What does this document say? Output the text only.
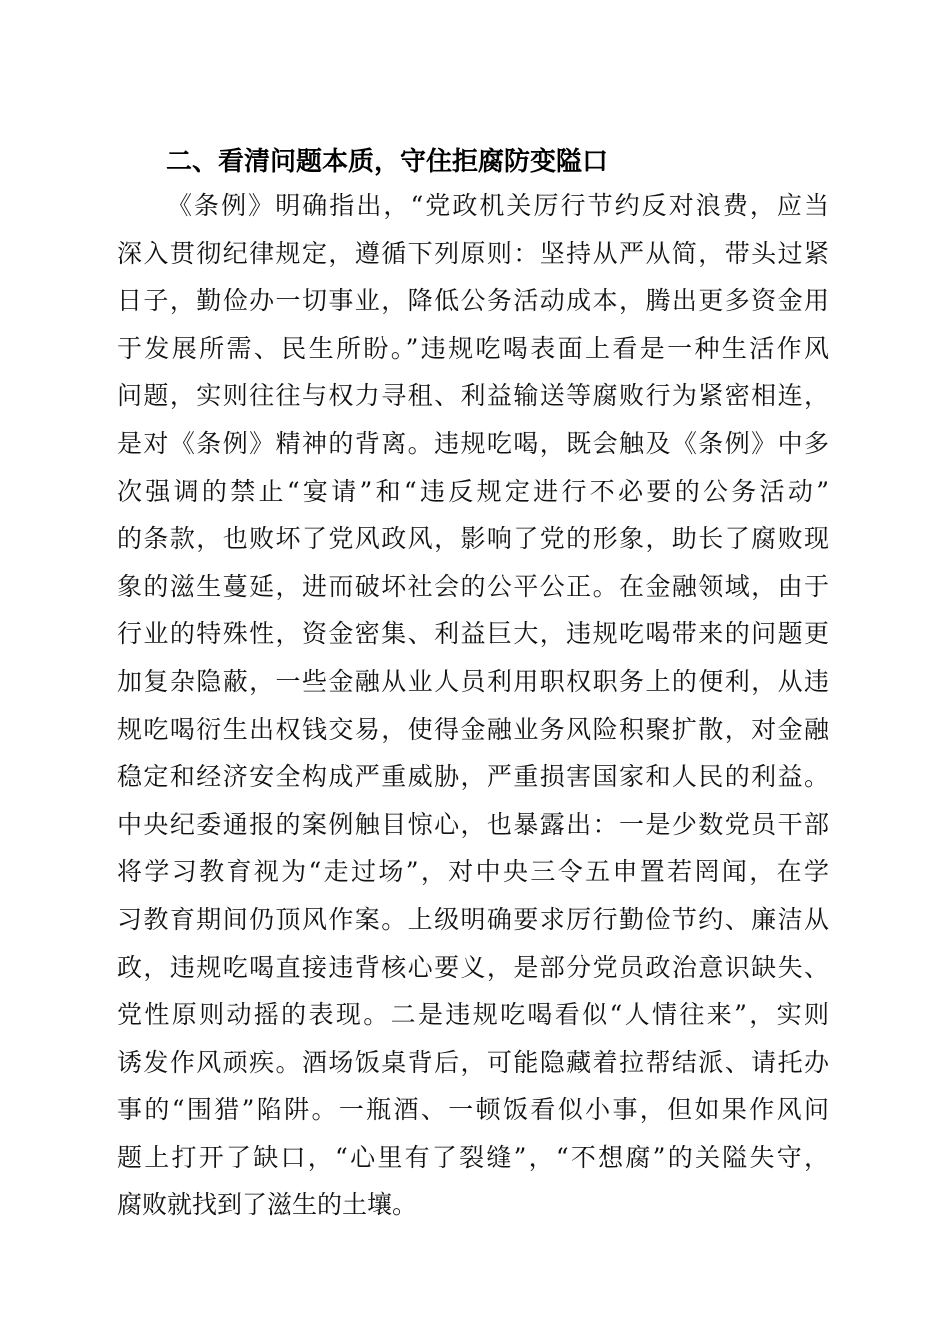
二、看清问题本质，守住拒腐防变隘口
《条例》明确指出，“党政机关厉行节约反对浪费，应当
深入贯彻纪律规定，遵循下列原则：坚持从严从简，带头过紧
日子，勤俭办一切事业，降低公务活动成本，腾出更多资金用
于发展所需、民生所盼。”违规吃喝表面上看是一种生活作风
问题，实则往往与权力寻租、利益输送等腐败行为紧密相连，
是对《条例》精神的背离。违规吃喝，既会触及《条例》中多
次强调的禁止“宴请”和“违反规定进行不必要的公务活动”
的条款，也败坏了党风政风，影响了党的形象，助长了腐败现
象的滋生蔓延，进而破坏社会的公平公正。在金融领域，由于
行业的特殊性，资金密集、利益巨大，违规吃喝带来的问题更
加复杂隐蔽，一些金融从业人员利用职权职务上的便利，从违
规吃喝衍生出权钱交易，使得金融业务风险积聚扩散，对金融
稳定和经济安全构成严重威胁，严重损害国家和人民的利益。
中央纪委通报的案例触目惊心，也暴露出：一是少数党员干部
将学习教育视为“走过场”，对中央三令五申置若罔闻，在学
习教育期间仍顶风作案。上级明确要求厉行勤俭节约、廉洁从
政，违规吃喝直接违背核心要义，是部分党员政治意识缺失、
党性原则动摇的表现。二是违规吃喝看似“人情往来”，实则
诱发作风顽疾。酒场饭桌背后，可能隐藏着拉帮结派、请托办
事的“围猎”陷阱。一瓶酒、一顿饭看似小事，但如果作风问
题上打开了缺口，“心里有了裂缝”，“不想腐”的关隘失守，
腐败就找到了滋生的土壤。
